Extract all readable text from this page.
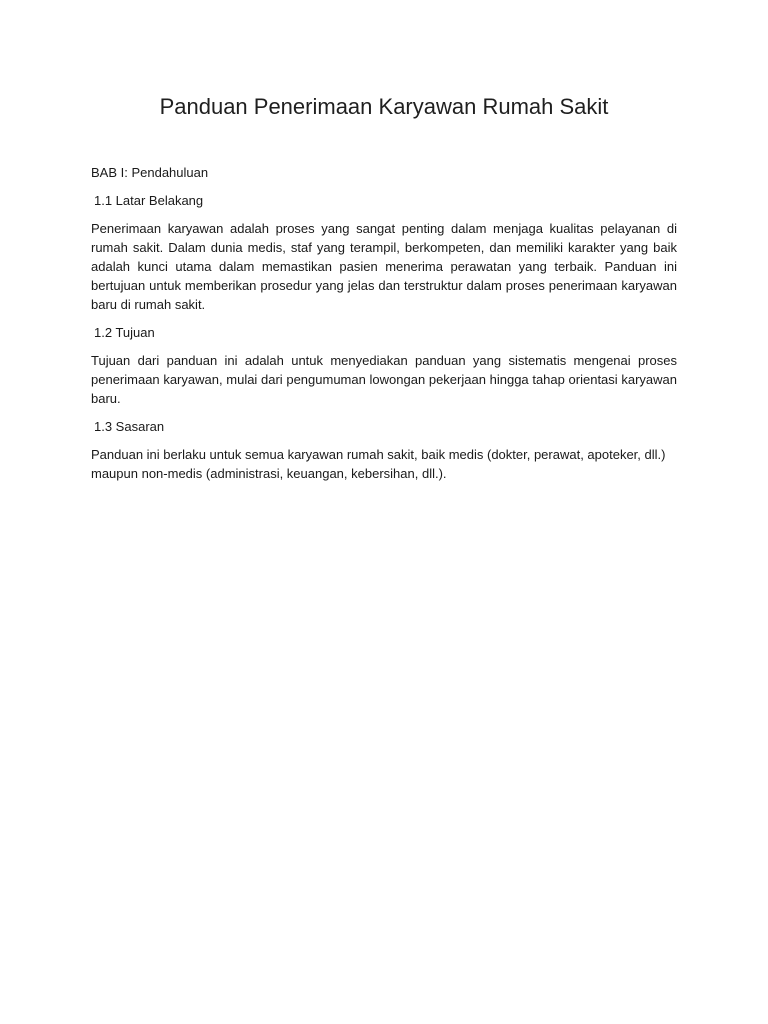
Panduan Penerimaan Karyawan Rumah Sakit

BAB I: Pendahuluan

1.1 Latar Belakang

Penerimaan karyawan adalah proses yang sangat penting dalam menjaga kualitas pelayanan di rumah sakit. Dalam dunia medis, staf yang terampil, berkompeten, dan memiliki karakter yang baik adalah kunci utama dalam memastikan pasien menerima perawatan yang terbaik. Panduan ini bertujuan untuk memberikan prosedur yang jelas dan terstruktur dalam proses penerimaan karyawan baru di rumah sakit.

1.2 Tujuan

Tujuan dari panduan ini adalah untuk menyediakan panduan yang sistematis mengenai proses penerimaan karyawan, mulai dari pengumuman lowongan pekerjaan hingga tahap orientasi karyawan baru.

1.3 Sasaran

Panduan ini berlaku untuk semua karyawan rumah sakit, baik medis (dokter, perawat, apoteker, dll.) maupun non-medis (administrasi, keuangan, kebersihan, dll.).
